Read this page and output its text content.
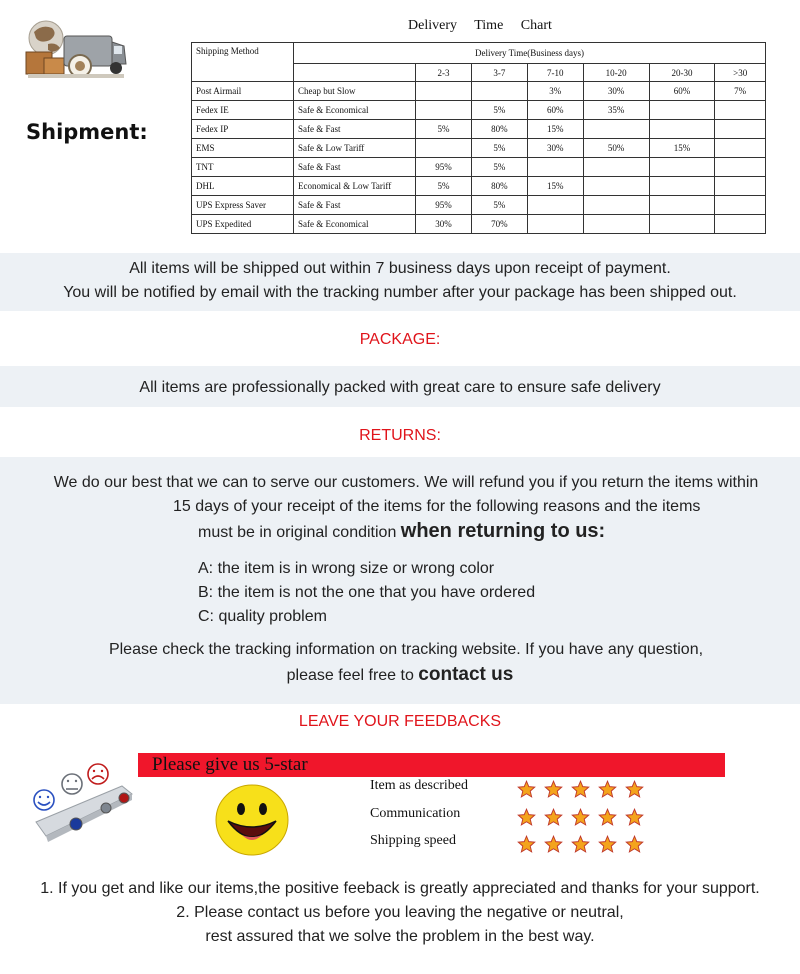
Shipment:
Delivery Time Chart
Shipping Method	Delivery Time(Business days)						
		2-3	3-7	7-10	10-20	20-30	>30
Post Airmail	Cheap but Slow			3%	30%	60%	7%
Fedex IE	Safe & Economical		5%	60%	35%		
Fedex IP	Safe & Fast	5%	80%	15%			
EMS	Safe & Low Tariff		5%	30%	50%	15%	
TNT	Safe & Fast	95%	5%				
DHL	Economical & Low Tariff	5%	80%	15%			
UPS Express Saver	Safe & Fast	95%	5%				
UPS Expedited	Safe & Economical	30%	70%				
All items will be shipped out within 7 business days upon receipt of payment.
You will be notified by email with the tracking number after your package has been shipped out.
PACKAGE:
All items are professionally packed with great care to ensure safe delivery
RETURNS:
We do our best that we can to serve our customers. We will refund you if you return the items within
15 days of your receipt of the items for the following reasons and the items
must be in original condition when returning to us:
A: the item is in wrong size or wrong color
B: the item is not the one that you have ordered
C: quality problem
Please check the tracking information on tracking website. If you have any question,
please feel free to contact us
LEAVE YOUR FEEDBACKS
Please give us 5-star
Item as described
Communication
Shipping speed
1. If you get and like our items,the positive feeback is greatly appreciated and thanks for your support.
2. Please contact us before you leaving the negative or neutral,
rest assured that we solve the problem in the best way.
